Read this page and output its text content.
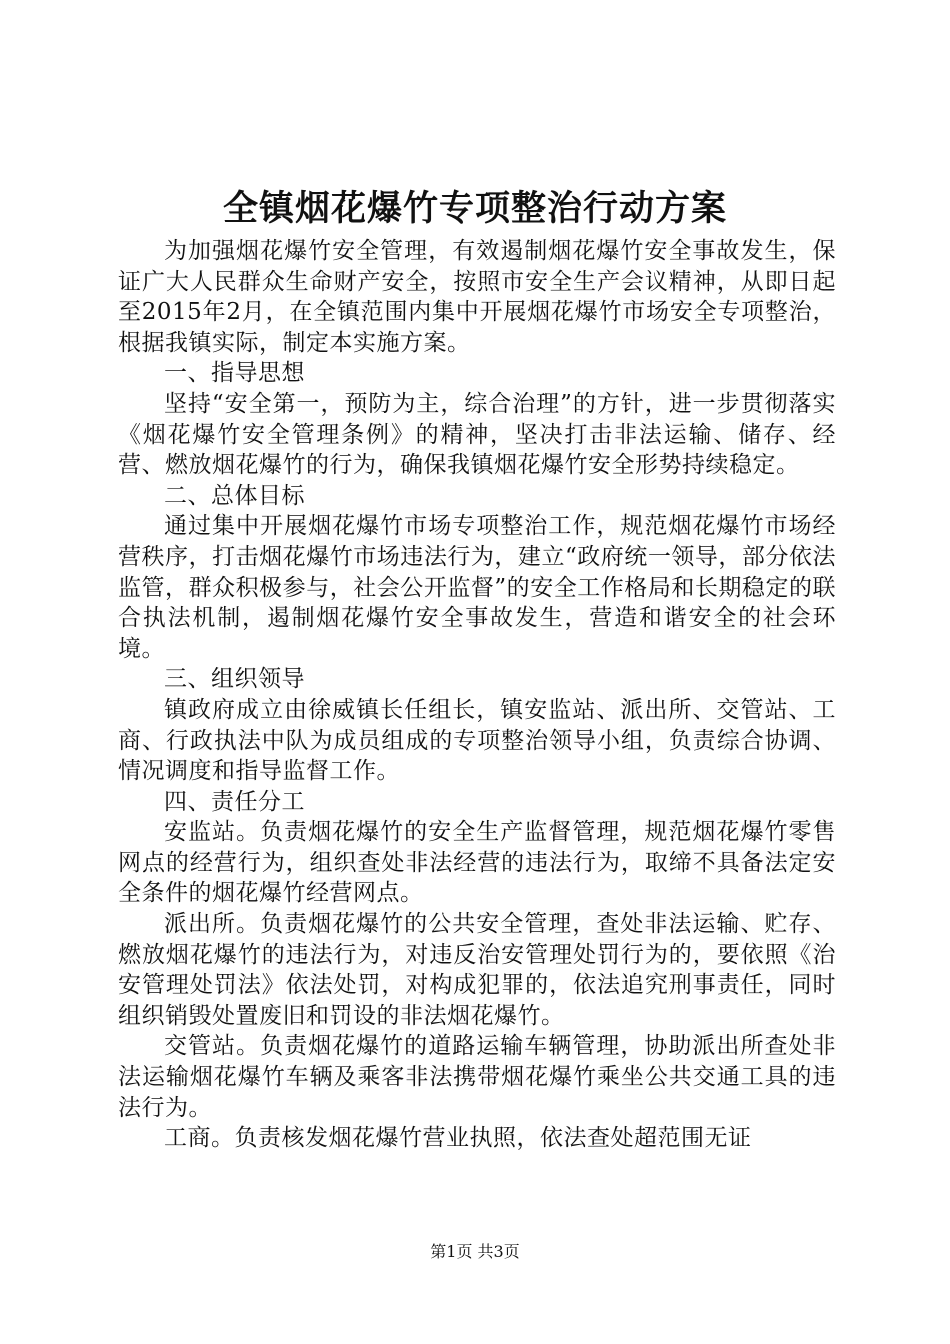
全镇烟花爆竹专项整治行动方案

为加强烟花爆竹安全管理，有效遏制烟花爆竹安全事故发生，保证广大人民群众生命财产安全，按照市安全生产会议精神，从即日起至2015年2月，在全镇范围内集中开展烟花爆竹市场安全专项整治，根据我镇实际，制定本实施方案。

一、指导思想

坚持“安全第一，预防为主，综合治理”的方针，进一步贯彻落实《烟花爆竹安全管理条例》的精神，坚决打击非法运输、储存、经营、燃放烟花爆竹的行为，确保我镇烟花爆竹安全形势持续稳定。

二、总体目标

通过集中开展烟花爆竹市场专项整治工作，规范烟花爆竹市场经营秩序，打击烟花爆竹市场违法行为，建立“政府统一领导，部分依法监管，群众积极参与，社会公开监督”的安全工作格局和长期稳定的联合执法机制，遏制烟花爆竹安全事故发生，营造和谐安全的社会环境。

三、组织领导

镇政府成立由徐威镇长任组长，镇安监站、派出所、交管站、工商、行政执法中队为成员组成的专项整治领导小组，负责综合协调、情况调度和指导监督工作。

四、责任分工

安监站。负责烟花爆竹的安全生产监督管理，规范烟花爆竹零售网点的经营行为，组织查处非法经营的违法行为，取缔不具备法定安全条件的烟花爆竹经营网点。

派出所。负责烟花爆竹的公共安全管理，查处非法运输、贮存、燃放烟花爆竹的违法行为，对违反治安管理处罚行为的，要依照《治安管理处罚法》依法处罚，对构成犯罪的，依法追究刑事责任，同时组织销毁处置废旧和罚设的非法烟花爆竹。

交管站。负责烟花爆竹的道路运输车辆管理，协助派出所查处非法运输烟花爆竹车辆及乘客非法携带烟花爆竹乘坐公共交通工具的违法行为。

工商。负责核发烟花爆竹营业执照，依法查处超范围无证

第1页 共3页
